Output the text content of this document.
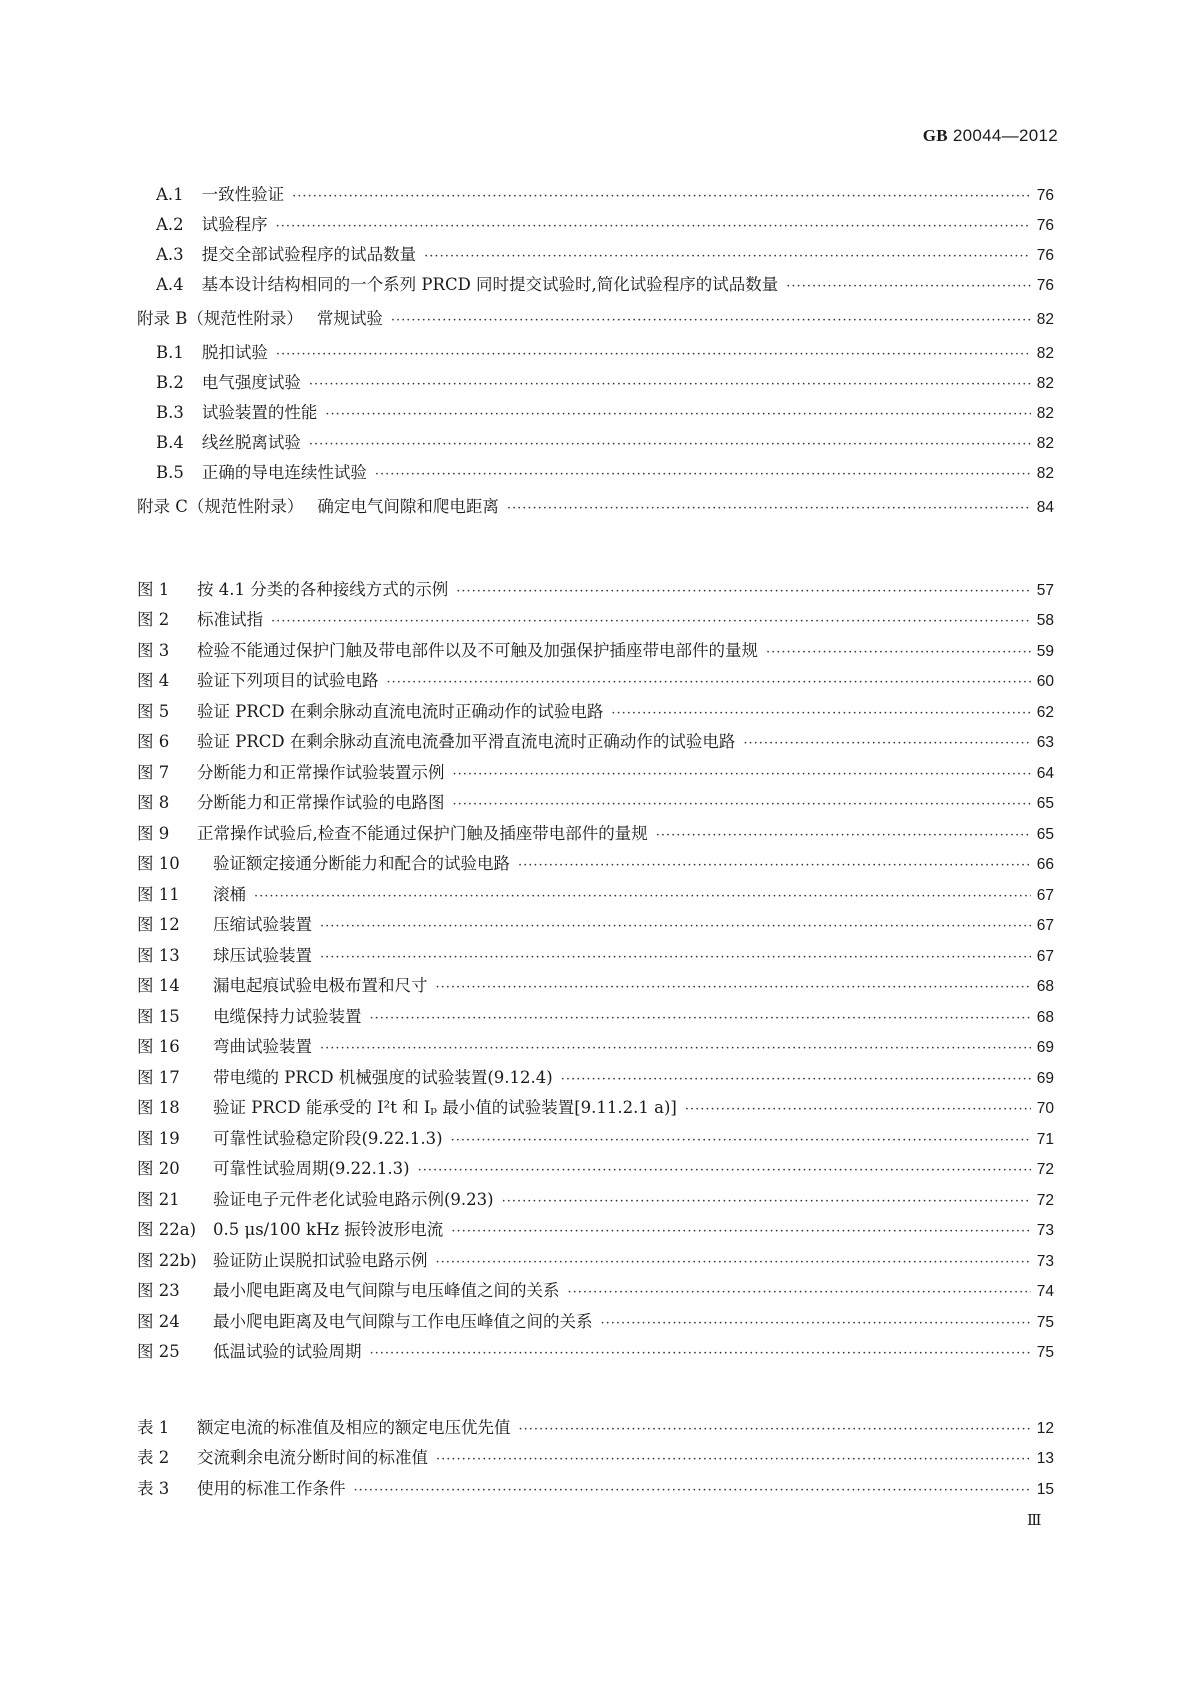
GB 20044—2012
A.1	一致性验证 ·····	76
A.2	试验程序 ·····	76
A.3	提交全部试验程序的试品数量 ·····	76
A.4	基本设计结构相同的一个系列 PRCD 同时提交试验时,简化试验程序的试品数量 ·····	76
附录 B（规范性附录） 常规试验 ·····	82
B.1	脱扣试验 ·····	82
B.2	电气强度试验 ·····	82
B.3	试验装置的性能 ·····	82
B.4	线丝脱离试验 ·····	82
B.5	正确的导电连续性试验 ·····	82
附录 C（规范性附录） 确定电气间隙和爬电距离 ·····	84
图 1	按 4.1 分类的各种接线方式的示例 ·····	57
图 2	标准试指 ·····	58
图 3	检验不能通过保护门触及带电部件以及不可触及加强保护插座带电部件的量规 ·····	59
图 4	验证下列项目的试验电路 ·····	60
图 5	验证 PRCD 在剩余脉动直流电流时正确动作的试验电路 ·····	62
图 6	验证 PRCD 在剩余脉动直流电流叠加平滑直流电流时正确动作的试验电路 ·····	63
图 7	分断能力和正常操作试验装置示例 ·····	64
图 8	分断能力和正常操作试验的电路图 ·····	65
图 9	正常操作试验后,检查不能通过保护门触及插座带电部件的量规 ·····	65
图 10	验证额定接通分断能力和配合的试验电路 ·····	66
图 11	滚桶 ·····	67
图 12	压缩试验装置 ·····	67
图 13	球压试验装置 ·····	67
图 14	漏电起痕试验电极布置和尺寸 ·····	68
图 15	电缆保持力试验装置 ·····	68
图 16	弯曲试验装置 ·····	69
图 17	带电缆的 PRCD 机械强度的试验装置(9.12.4) ·····	69
图 18	验证 PRCD 能承受的 I²t 和 Iₚ 最小值的试验装置[9.11.2.1 a)] ·····	70
图 19	可靠性试验稳定阶段(9.22.1.3) ·····	71
图 20	可靠性试验周期(9.22.1.3) ·····	72
图 21	验证电子元件老化试验电路示例(9.23) ·····	72
图 22a)	0.5 μs/100 kHz 振铃波形电流 ·····	73
图 22b) 验证防止误脱扣试验电路示例 ·····	73
图 23	最小爬电距离及电气间隙与电压峰值之间的关系 ·····	74
图 24	最小爬电距离及电气间隙与工作电压峰值之间的关系 ·····	75
图 25	低温试验的试验周期 ·····	75
表 1	额定电流的标准值及相应的额定电压优先值 ·····	12
表 2	交流剩余电流分断时间的标准值 ·····	13
表 3	使用的标准工作条件 ·····	15
Ⅲ
